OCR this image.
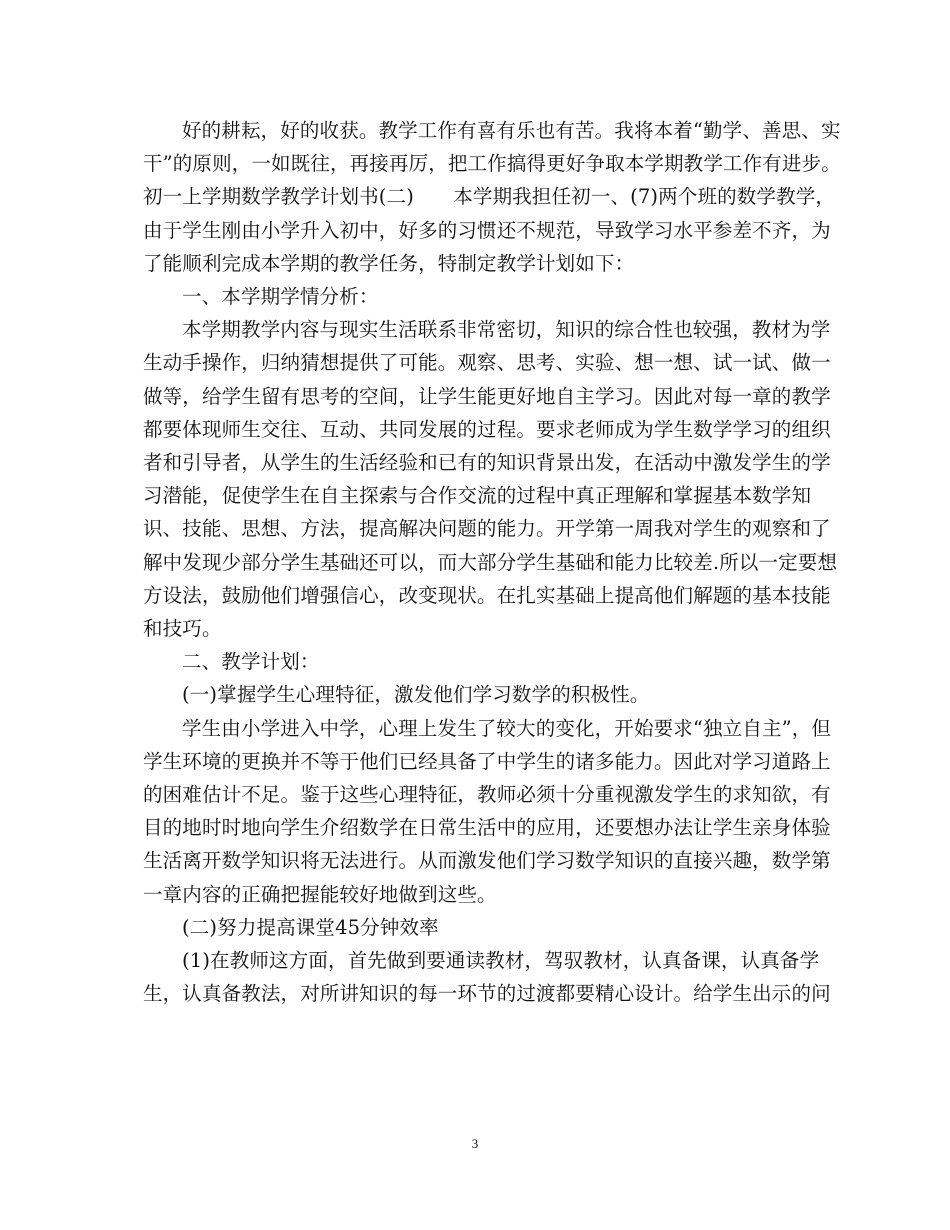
好的耕耘，好的收获。教学工作有喜有乐也有苦。我将本着“勤学、善思、实

干”的原则，一如既往，再接再厉，把工作搞得更好争取本学期教学工作有进步。

初一上学期数学教学计划书(二)　　本学期我担任初一、(7)两个班的数学教学，

由于学生刚由小学升入初中，好多的习惯还不规范，导致学习水平参差不齐，为

了能顺利完成本学期的教学任务，特制定教学计划如下：

一、本学期学情分析：

本学期教学内容与现实生活联系非常密切，知识的综合性也较强，教材为学

生动手操作，归纳猜想提供了可能。观察、思考、实验、想一想、试一试、做一

做等，给学生留有思考的空间，让学生能更好地自主学习。因此对每一章的教学

都要体现师生交往、互动、共同发展的过程。要求老师成为学生数学学习的组织

者和引导者，从学生的生活经验和已有的知识背景出发，在活动中激发学生的学

习潜能，促使学生在自主探索与合作交流的过程中真正理解和掌握基本数学知

识、技能、思想、方法，提高解决问题的能力。开学第一周我对学生的观察和了

解中发现少部分学生基础还可以，而大部分学生基础和能力比较差.所以一定要想

方设法，鼓励他们增强信心，改变现状。在扎实基础上提高他们解题的基本技能

和技巧。

二、教学计划：

(一)掌握学生心理特征，激发他们学习数学的积极性。

学生由小学进入中学，心理上发生了较大的变化，开始要求“独立自主”，但

学生环境的更换并不等于他们已经具备了中学生的诸多能力。因此对学习道路上

的困难估计不足。鉴于这些心理特征，教师必须十分重视激发学生的求知欲，有

目的地时时地向学生介绍数学在日常生活中的应用，还要想办法让学生亲身体验

生活离开数学知识将无法进行。从而激发他们学习数学知识的直接兴趣，数学第

一章内容的正确把握能较好地做到这些。

(二)努力提高课堂45分钟效率

(1)在教师这方面，首先做到要通读教材，驾驭教材，认真备课，认真备学

生，认真备教法，对所讲知识的每一环节的过渡都要精心设计。给学生出示的问

3
